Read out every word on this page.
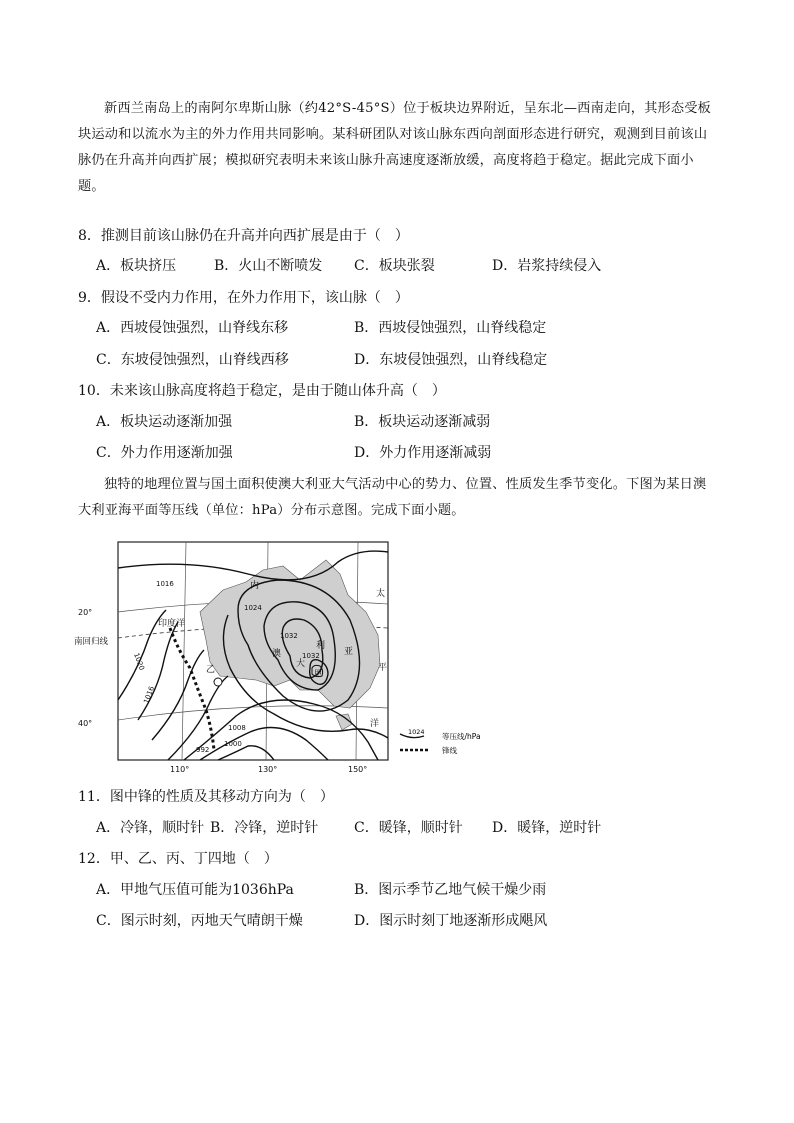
新西兰南岛上的南阿尔卑斯山脉（约42°S-45°S）位于板块边界附近，呈东北—西南走向，其形态受板块运动和以流水为主的外力作用共同影响。某科研团队对该山脉东西向剖面形态进行研究，观测到目前该山脉仍在升高并向西扩展；模拟研究表明未来该山脉升高速度逐渐放缓，高度将趋于稳定。据此完成下面小题。
8．推测目前该山脉仍在升高并向西扩展是由于（　）
A．板块挤压	B．火山不断喷发 C．板块张裂	D．岩浆持续侵入
9．假设不受内力作用，在外力作用下，该山脉（　）
A．西坡侵蚀强烈，山脊线东移	B．西坡侵蚀强烈，山脊线稳定
C．东坡侵蚀强烈，山脊线西移	D．东坡侵蚀强烈，山脊线稳定
10．未来该山脉高度将趋于稳定，是由于随山体升高（　）
A．板块运动逐渐加强	B．板块运动逐渐减弱
C．外力作用逐渐加强	D．外力作用逐渐减弱
独特的地理位置与国土面积使澳大利亚大气活动中心的势力、位置、性质发生季节变化。下图为某日澳大利亚海平面等压线（单位：hPa）分布示意图。完成下面小题。
20°
40°
南回归线
110°	130°	150°
印度洋
太
平
洋
内
澳
大
利
亚
甲
乙
1016
1024
1032
1032
1020
1016
1008
1000
992
1024 等压线/hPa
锋线
11．图中锋的性质及其移动方向为（　）
A．冷锋，顺时针 B．冷锋，逆时针	C．暖锋，顺时针 D．暖锋，逆时针
12．甲、乙、丙、丁四地（　）
A．甲地气压值可能为1036hPa	B．图示季节乙地气候干燥少雨
C．图示时刻，丙地天气晴朗干燥	D．图示时刻丁地逐渐形成飓风
